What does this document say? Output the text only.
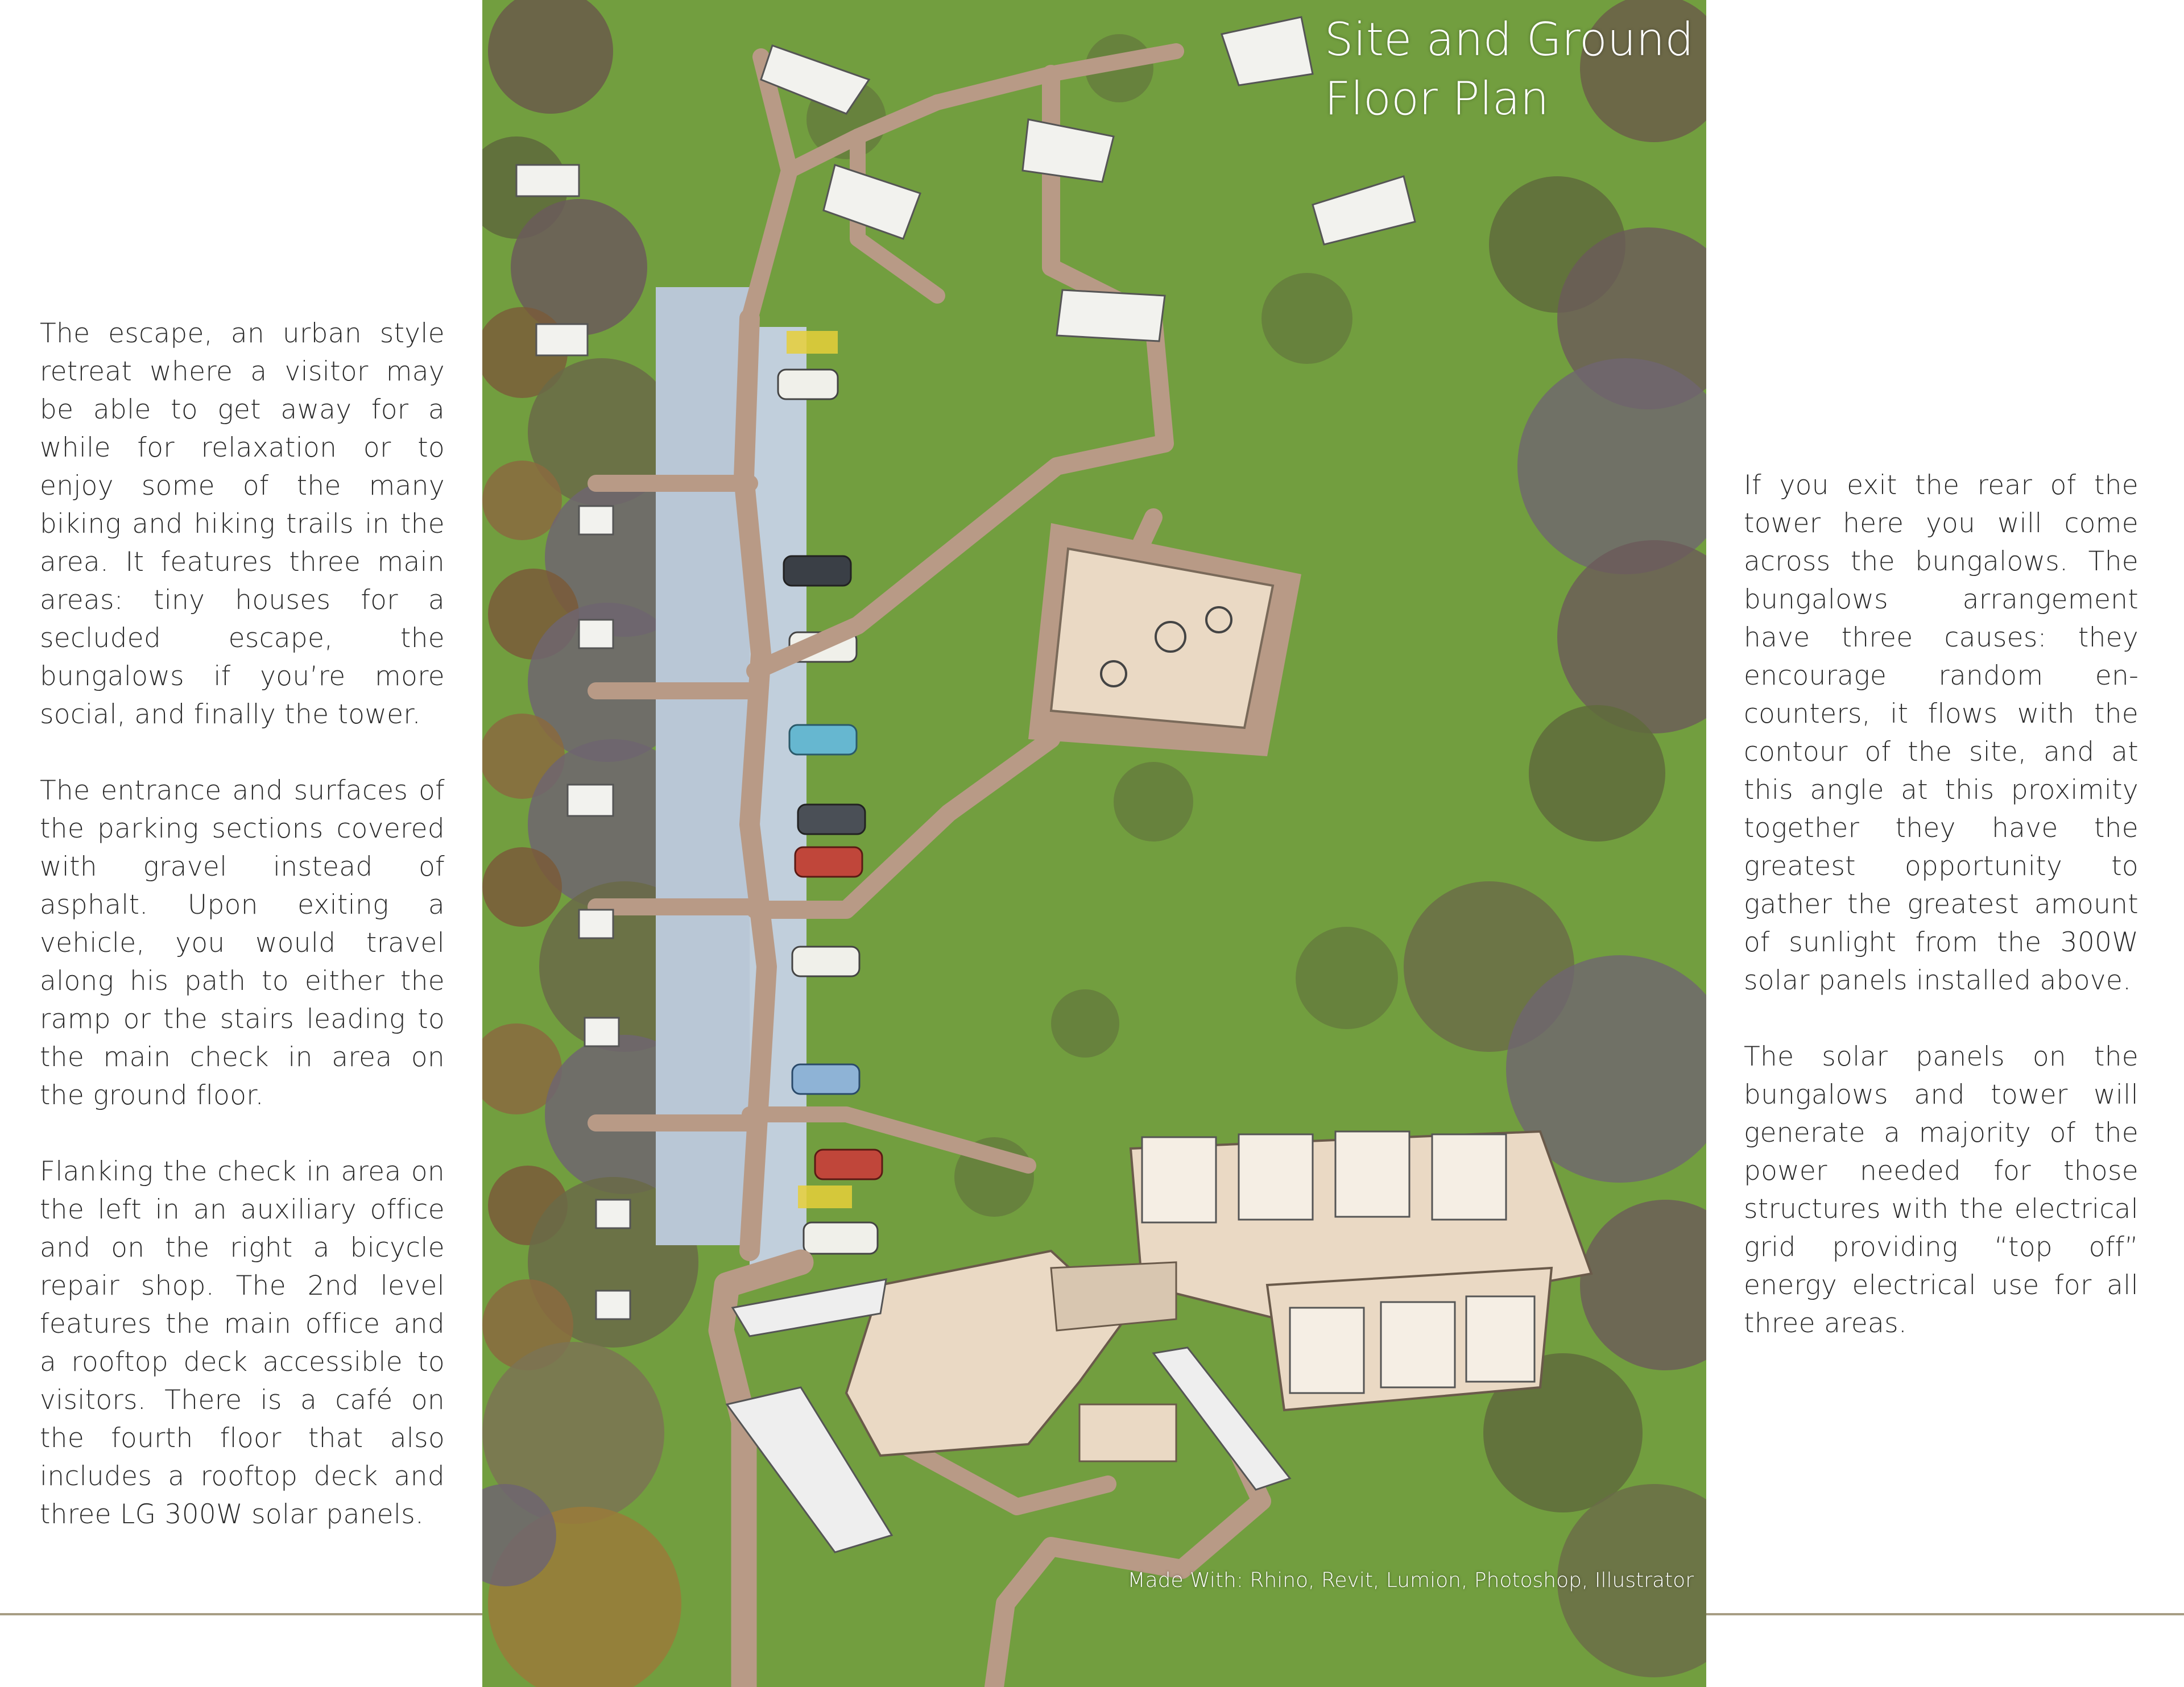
The escape, an urban style retreat where a visitor may be able to get away for a while for relaxation or to enjoy some of the many biking and hiking trails in the area. It features three main areas: tiny houses for a secluded escape, the bungalows if you’re more social, and finally the tower.

The entrance and surfaces of the parking sections covered with gravel instead of asphalt. Upon exiting a vehicle, you would travel along his path to either the ramp or the stairs leading to the main check in area on the ground floor.

Flanking the check in area on the left in an auxiliary office and on the right a bicycle repair shop. The 2nd level features the main office and a rooftop deck accessible to visitors. There is a café on the fourth floor that also includes a rooftop deck and three LG 300W solar panels.

If you exit the rear of the tower here you will come across the bungalows. The bungalows arrangement have three causes: they encourage random encounters, it flows with the contour of the site, and at this angle at this proximity together they have the greatest opportunity to gather the greatest amount of sunlight from the 300W solar panels installed above.

The solar panels on the bungalows and tower will generate a majority of the power needed for those structures with the electrical grid providing “top off” energy electrical use for all three areas.

Site and Ground
Floor Plan
Made With: Rhino, Revit, Lumion, Photoshop, Illustrator
